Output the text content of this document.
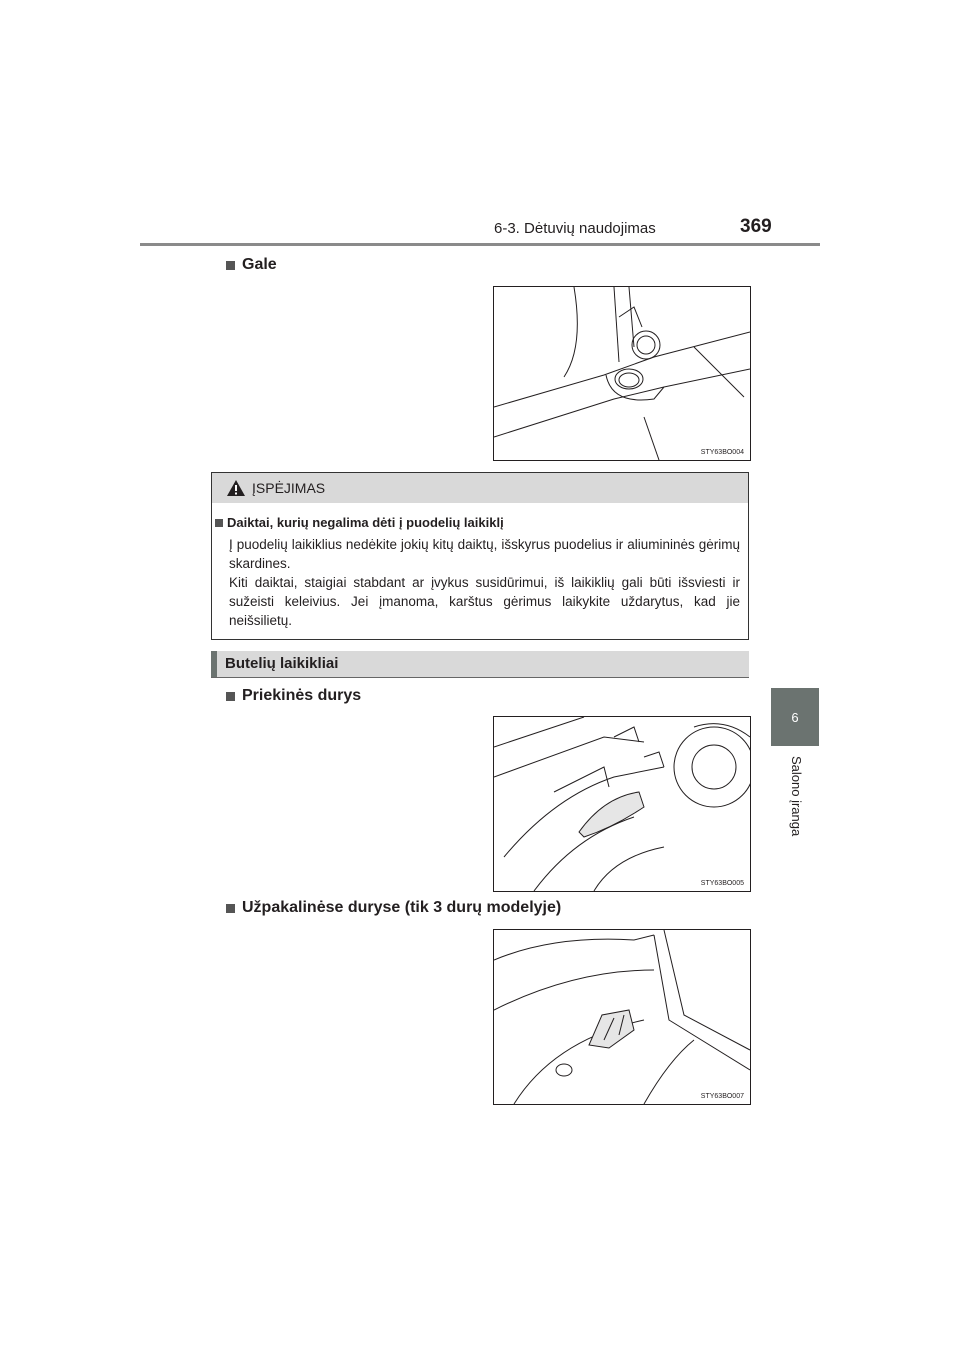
6-3. Dėtuvių naudojimas	369
6
Salono įranga
Gale
STY63BO004
ĮSPĖJIMAS
Daiktai, kurių negalima dėti į puodelių laikiklį

Į puodelių laikiklius nedėkite jokių kitų daiktų, išskyrus puodelius ir aliumininės gėrimų skardines.

Kiti daiktai, staigiai stabdant ar įvykus susidūrimui, iš laikiklių gali būti išsviesti ir sužeisti keleivius. Jei įmanoma, karštus gėrimus laikykite uždarytus, kad jie neišsilietų.

Butelių laikikliai
Priekinės durys
STY63BO005
Užpakalinėse duryse (tik 3 durų modelyje)
STY63BO007
